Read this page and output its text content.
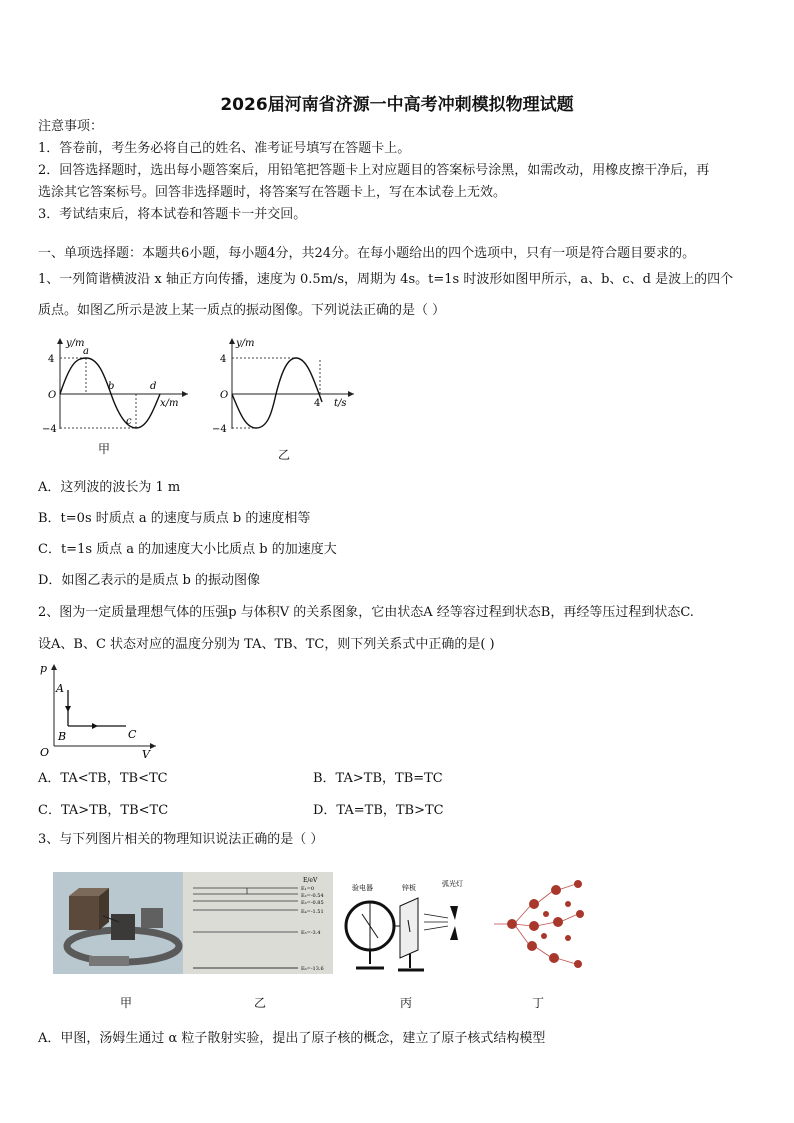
2026届河南省济源一中高考冲刺模拟物理试题
注意事项：
1．答卷前，考生务必将自己的姓名、准考证号填写在答题卡上。
2．回答选择题时，选出每小题答案后，用铅笔把答题卡上对应题目的答案标号涂黑，如需改动，用橡皮擦干净后，再
选涂其它答案标号。回答非选择题时，将答案写在答题卡上，写在本试卷上无效。
3．考试结束后，将本试卷和答题卡一并交回。
一、单项选择题：本题共6小题，每小题4分，共24分。在每小题给出的四个选项中，只有一项是符合题目要求的。
1、一列简谐横波沿 x 轴正方向传播，速度为 0.5m/s，周期为 4s。t=1s 时波形如图甲所示，a、b、c、d 是波上的四个
质点。如图乙所示是波上某一质点的振动图像。下列说法正确的是（ ）
y/m
x/m
4
−4
O
a
b
c
d
甲
y/m
t/s
4
−4
O
4
乙
A．这列波的波长为 1 m
B．t=0s 时质点 a 的速度与质点 b 的速度相等
C．t=1s 质点 a 的加速度大小比质点 b 的加速度大
D．如图乙表示的是质点 b 的振动图像
2、图为一定质量理想气体的压强p 与体积V 的关系图象，它由状态A 经等容过程到状态B，再经等压过程到状态C.
设A、B、C 状态对应的温度分别为 TA、TB、TC，则下列关系式中正确的是( )
p
V
O
A
B	C
A．TA<TB，TB<TC	B．TA>TB，TB=TC
C．TA>TB，TB<TC	D．TA=TB，TB>TC
3、与下列图片相关的物理知识说法正确的是（ ）
E/eV
E₁=0
E₂=-0.54
E₃=-0.85
E₄=-1.51
E₅=-3.4
E₆=-13.6
验电器	锌板	弧光灯
甲	乙	丙	丁
A．甲图，汤姆生通过 α 粒子散射实验，提出了原子核的概念，建立了原子核式结构模型
